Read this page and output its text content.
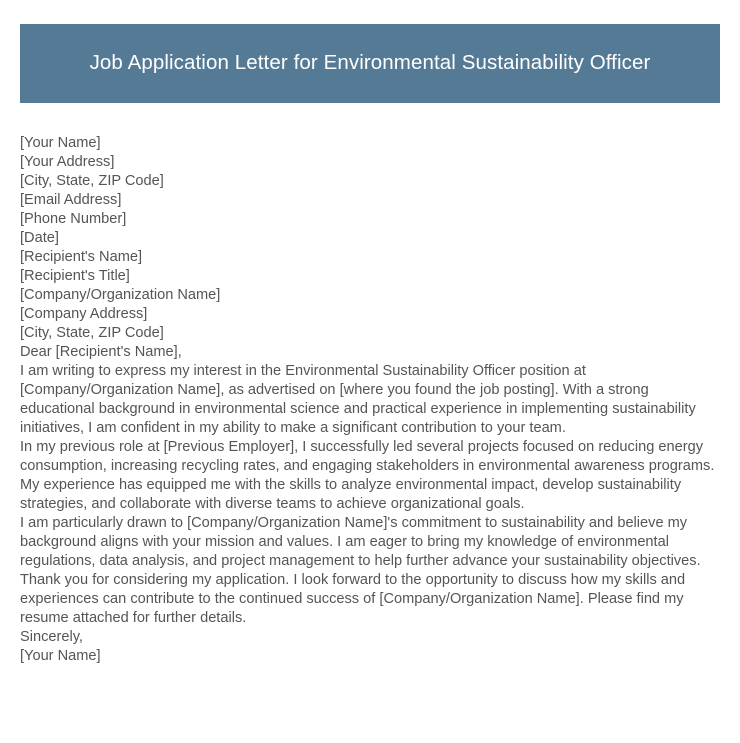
Job Application Letter for Environmental Sustainability Officer
[Your Name]
[Your Address]
[City, State, ZIP Code]
[Email Address]
[Phone Number]
[Date]
[Recipient's Name]
[Recipient's Title]
[Company/Organization Name]
[Company Address]
[City, State, ZIP Code]
Dear [Recipient's Name],

I am writing to express my interest in the Environmental Sustainability Officer position at [Company/Organization Name], as advertised on [where you found the job posting]. With a strong educational background in environmental science and practical experience in implementing sustainability initiatives, I am confident in my ability to make a significant contribution to your team.

In my previous role at [Previous Employer], I successfully led several projects focused on reducing energy consumption, increasing recycling rates, and engaging stakeholders in environmental awareness programs. My experience has equipped me with the skills to analyze environmental impact, develop sustainability strategies, and collaborate with diverse teams to achieve organizational goals.

I am particularly drawn to [Company/Organization Name]'s commitment to sustainability and believe my background aligns with your mission and values. I am eager to bring my knowledge of environmental regulations, data analysis, and project management to help further advance your sustainability objectives.

Thank you for considering my application. I look forward to the opportunity to discuss how my skills and experiences can contribute to the continued success of [Company/Organization Name]. Please find my resume attached for further details.

Sincerely,
[Your Name]
